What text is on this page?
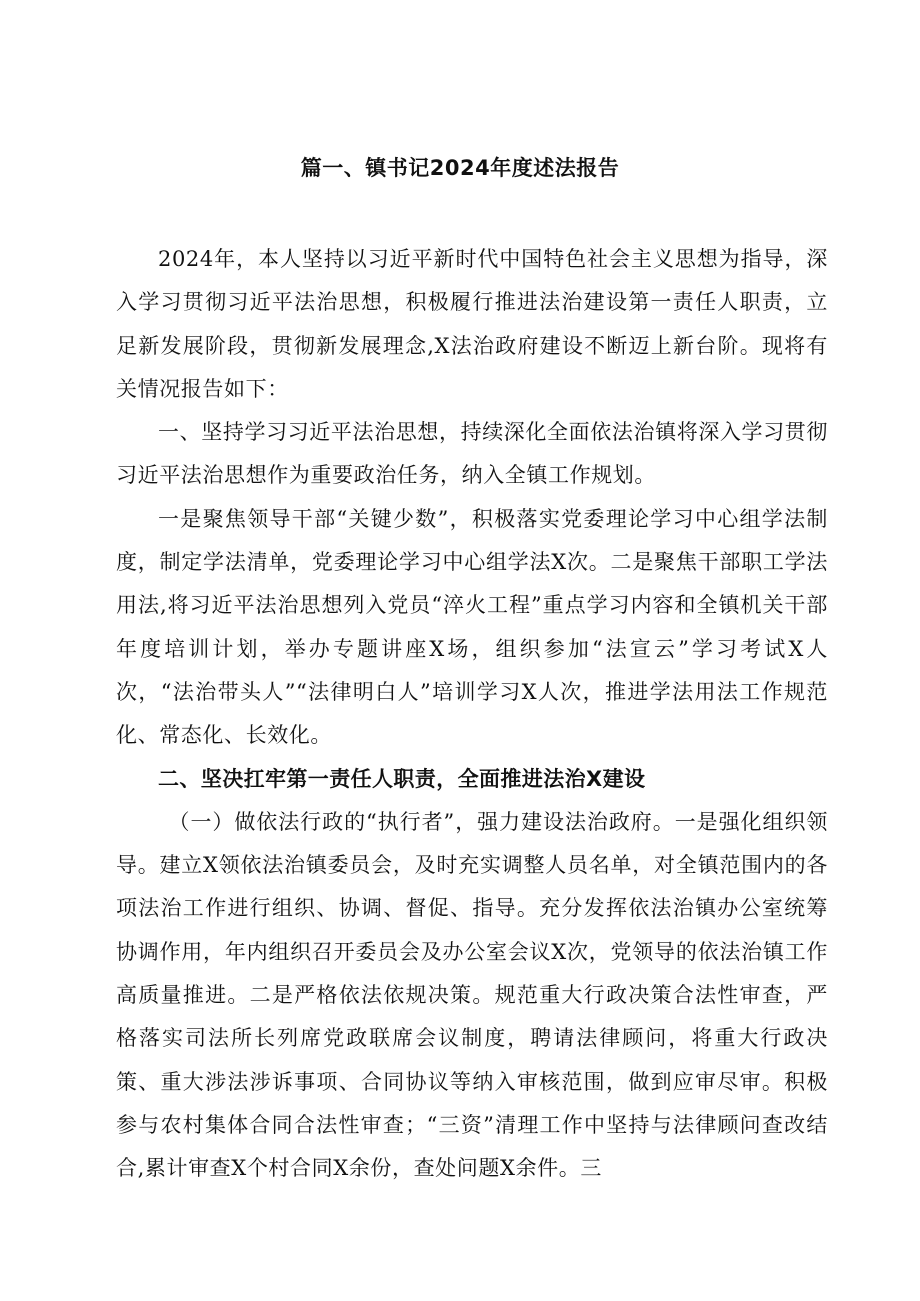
篇一、镇书记2024年度述法报告

2024年，本人坚持以习近平新时代中国特色社会主义思想为指导，深入学习贯彻习近平法治思想，积极履行推进法治建设第一责任人职责，立足新发展阶段，贯彻新发展理念,X法治政府建设不断迈上新台阶。现将有关情况报告如下：

一、坚持学习习近平法治思想，持续深化全面依法治镇将深入学习贯彻习近平法治思想作为重要政治任务，纳入全镇工作规划。

一是聚焦领导干部“关键少数”，积极落实党委理论学习中心组学法制度，制定学法清单，党委理论学习中心组学法X次。二是聚焦干部职工学法用法,将习近平法治思想列入党员“淬火工程”重点学习内容和全镇机关干部年度培训计划，举办专题讲座X场，组织参加“法宣云”学习考试X人次，“法治带头人”“法律明白人”培训学习X人次，推进学法用法工作规范化、常态化、长效化。

二、坚决扛牢第一责任人职责，全面推进法治X建设

（一）做依法行政的“执行者”，强力建设法治政府。一是强化组织领导。建立X领依法治镇委员会，及时充实调整人员名单，对全镇范围内的各项法治工作进行组织、协调、督促、指导。充分发挥依法治镇办公室统筹协调作用，年内组织召开委员会及办公室会议X次，党领导的依法治镇工作高质量推进。二是严格依法依规决策。规范重大行政决策合法性审查，严格落实司法所长列席党政联席会议制度，聘请法律顾问，将重大行政决策、重大涉法涉诉事项、合同协议等纳入审核范围，做到应审尽审。积极参与农村集体合同合法性审查；“三资”清理工作中坚持与法律顾问查改结合,累计审查X个村合同X余份，查处问题X余件。三
